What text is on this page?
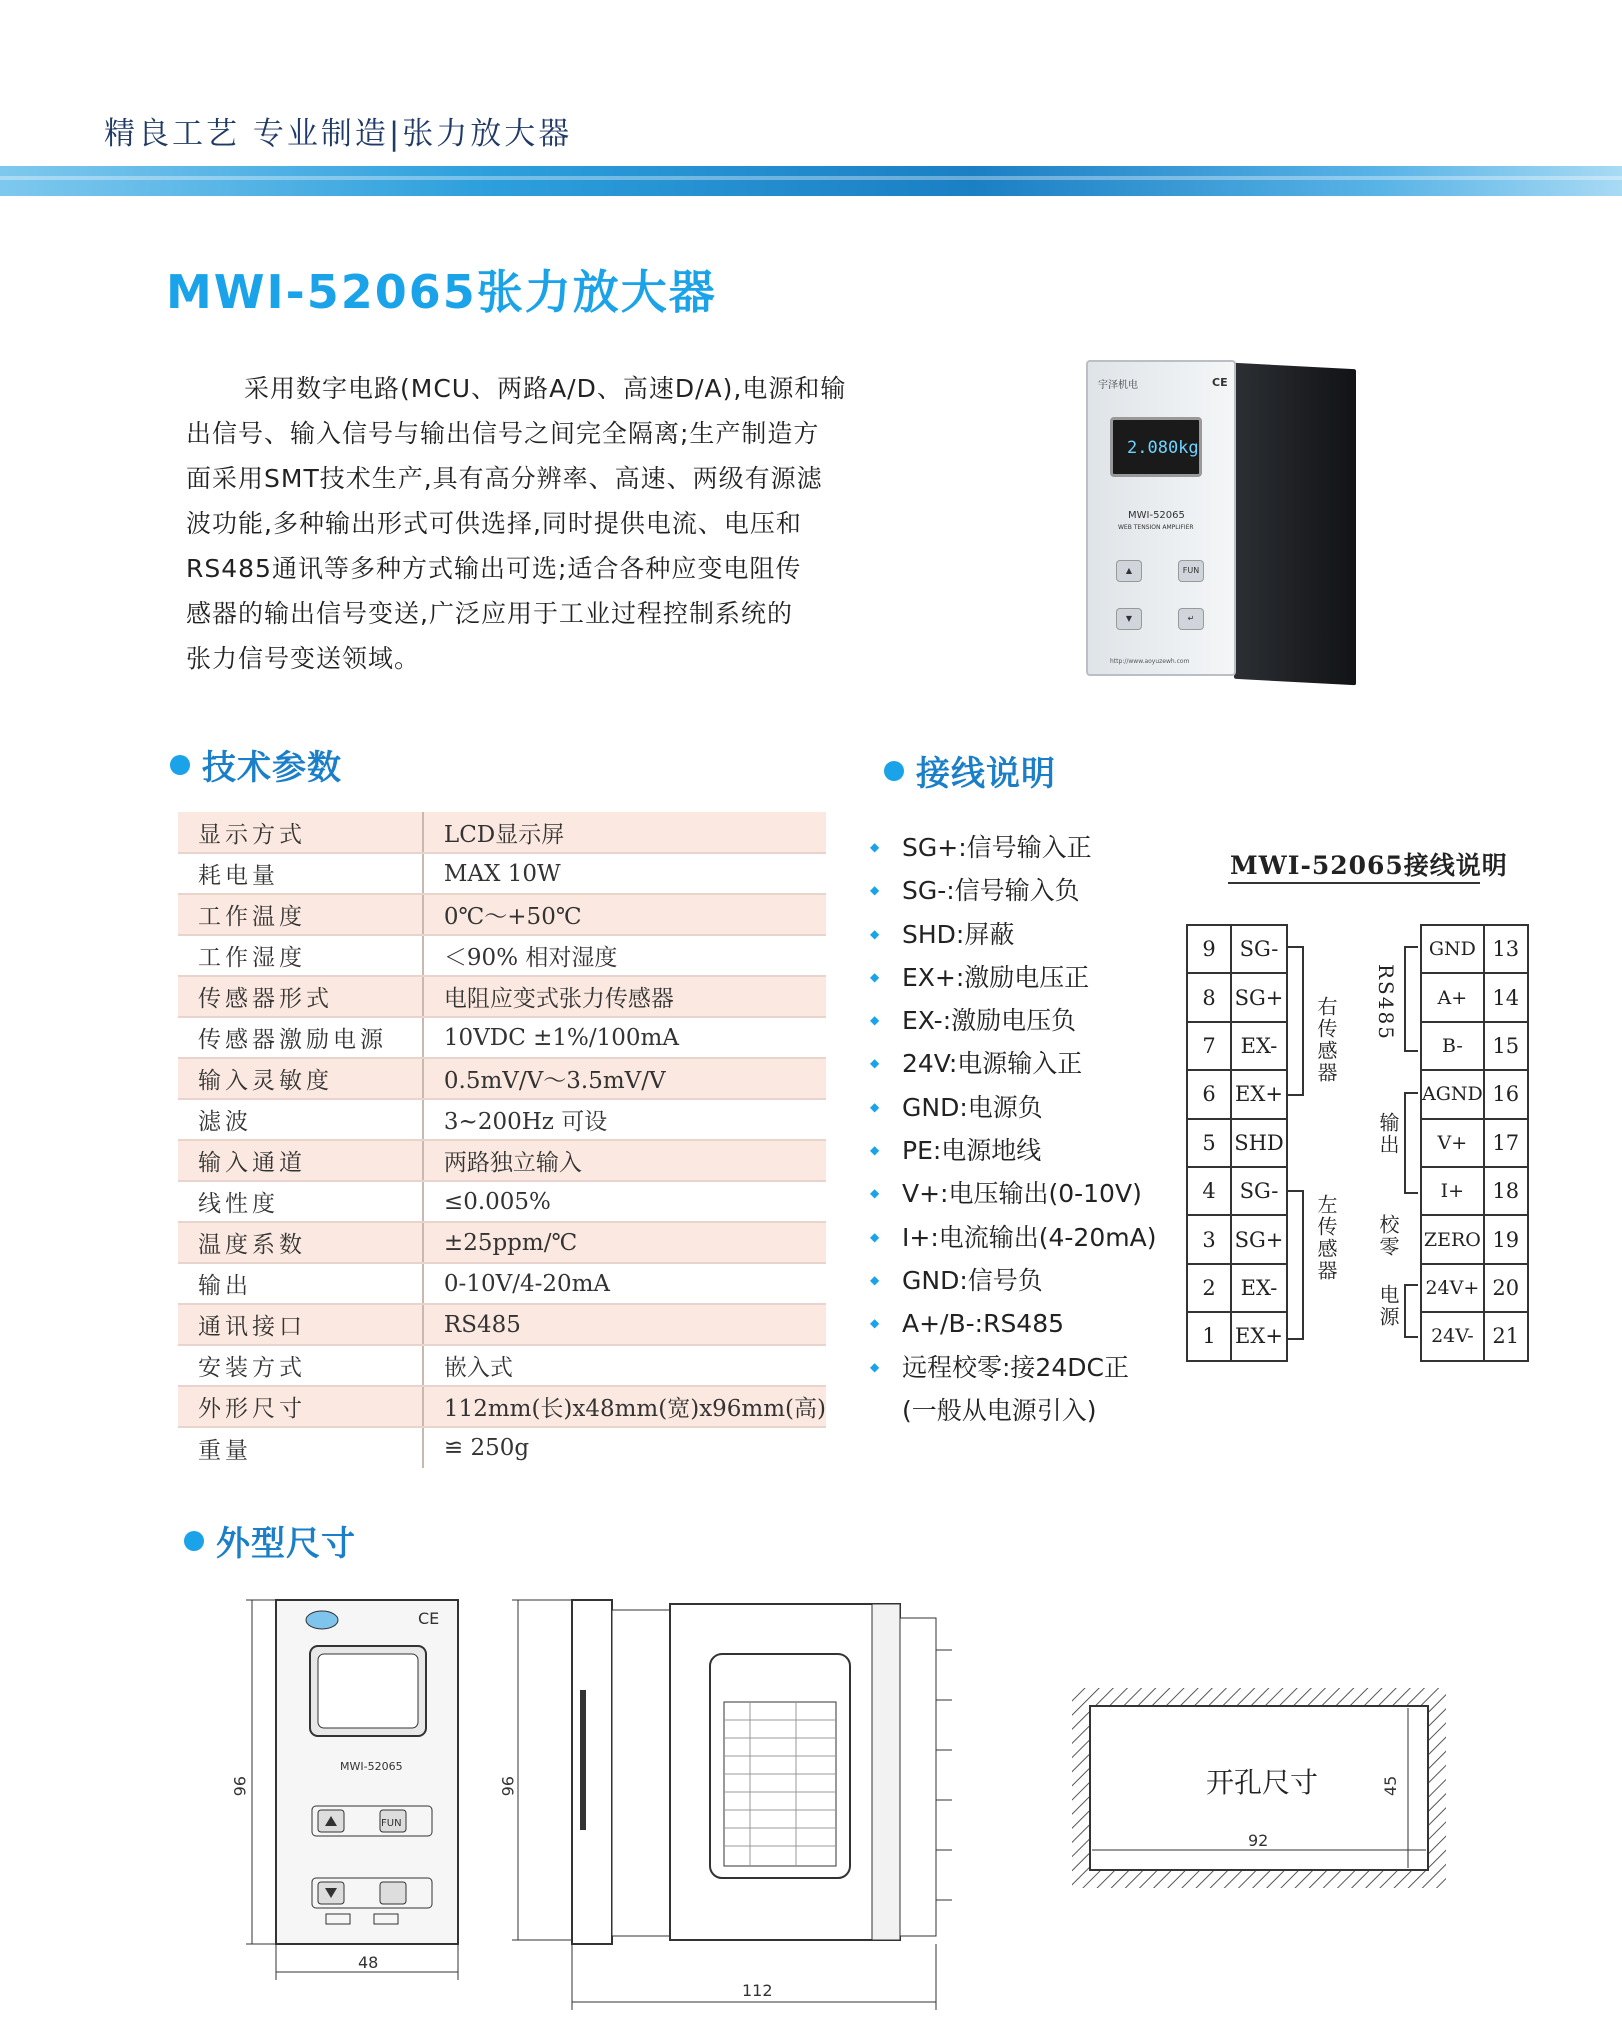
精良工艺 专业制造|张力放大器
MWI-52065张力放大器
采用数字电路(MCU、两路A/D、高速D/A),电源和输
出信号、输入信号与输出信号之间完全隔离;生产制造方
面采用SMT技术生产,具有高分辨率、高速、两级有源滤
波功能,多种输出形式可供选择,同时提供电流、电压和
RS485通讯等多种方式输出可选;适合各种应变电阻传
感器的输出信号变送,广泛应用于工业过程控制系统的
张力信号变送领域。
宇泽机电	CE
2.080kg
MWI-52065
WEB TENSION AMPLIFIER
▲	FUN
▼	↵
http://www.aoyuzewh.com
技术参数	接线说明
外型尺寸
显示方式	LCD显示屏
耗电量	MAX 10W
工作温度	0℃～+50℃
工作湿度	＜90% 相对湿度
传感器形式	电阻应变式张力传感器
传感器激励电源	10VDC ±1%/100mA
输入灵敏度	0.5mV/V～3.5mV/V
滤波	3~200Hz 可设
输入通道	两路独立输入
线性度	≤0.005%
温度系数	±25ppm/℃
输出	0-10V/4-20mA
通讯接口	RS485
安装方式	嵌入式
外形尺寸	112mm(长)x48mm(宽)x96mm(高)
重量	≌ 250g
◆ SG+:信号输入正
◆ SG-:信号输入负
◆ SHD:屏蔽
◆ EX+:激励电压正
◆ EX-:激励电压负
◆ 24V:电源输入正
◆ GND:电源负
◆ PE:电源地线
◆ V+:电压输出(0-10V)
◆ I+:电流输出(4-20mA)
◆ GND:信号负
◆ A+/B-:RS485
◆ 远程校零:接24DC正
(一般从电源引入)
MWI-52065接线说明
9	SG-
8	SG+
7	EX-
6	EX+
5	SHD
4	SG-
3	SG+
2	EX-
1	EX+
GND	13
A+	14
B-	15
AGND	16
V+	17
I+	18
ZERO	19
24V+	20
24V-	21
右传感器
左传感器
RS485
输出
校零
电源
CE
MWI-52065
FUN
96
48
96
112
开孔尺寸
92
45
